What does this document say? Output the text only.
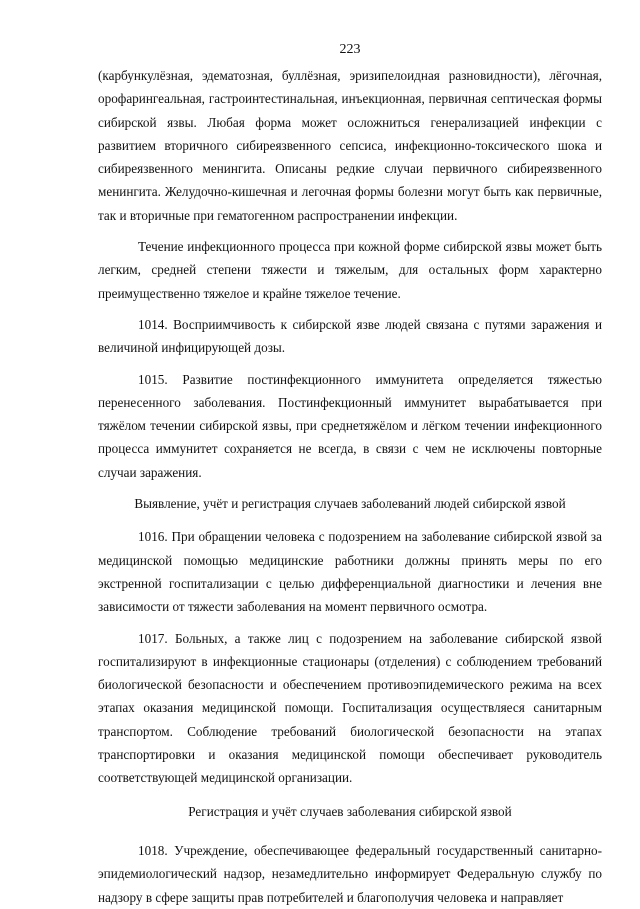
223

(карбункулёзная, эдематозная, буллёзная, эризипелоидная разновидности), лёгочная, орофарингеальная, гастроинтестинальная, инъекционная, первичная септическая формы сибирской язвы. Любая форма может осложниться генерализацией инфекции с развитием вторичного сибиреязвенного сепсиса, инфекционно-токсического шока и сибиреязвенного менингита. Описаны редкие случаи первичного сибиреязвенного менингита. Желудочно-кишечная и легочная формы болезни могут быть как первичные, так и вторичные при гематогенном распространении инфекции.

Течение инфекционного процесса при кожной форме сибирской язвы может быть легким, средней степени тяжести и тяжелым, для остальных форм характерно преимущественно тяжелое и крайне тяжелое течение.

1014. Восприимчивость к сибирской язве людей связана с путями заражения и величиной инфицирующей дозы.

1015. Развитие постинфекционного иммунитета определяется тяжестью перенесенного заболевания. Постинфекционный иммунитет вырабатывается при тяжёлом течении сибирской язвы, при среднетяжёлом и лёгком течении инфекционного процесса иммунитет сохраняется не всегда, в связи с чем не исключены повторные случаи заражения.

Выявление, учёт и регистрация случаев заболеваний людей сибирской язвой

1016. При обращении человека с подозрением на заболевание сибирской язвой за медицинской помощью медицинские работники должны принять меры по его экстренной госпитализации с целью дифференциальной диагностики и лечения вне зависимости от тяжести заболевания на момент первичного осмотра.

1017. Больных, а также лиц с подозрением на заболевание сибирской язвой госпитализируют в инфекционные стационары (отделения) с соблюдением требований биологической безопасности и обеспечением противоэпидемического режима на всех этапах оказания медицинской помощи. Госпитализация осуществляеся санитарным транспортом. Соблюдение требований биологической безопасности на этапах транспортировки и оказания медицинской помощи обеспечивает руководитель соответствующей медицинской организации.

Регистрация и учёт случаев заболевания сибирской язвой

1018. Учреждение, обеспечивающее федеральный государственный санитарно-эпидемиологический надзор, незамедлительно информирует Федеральную службу по надзору в сфере защиты прав потребителей и благополучия человека и направляет
